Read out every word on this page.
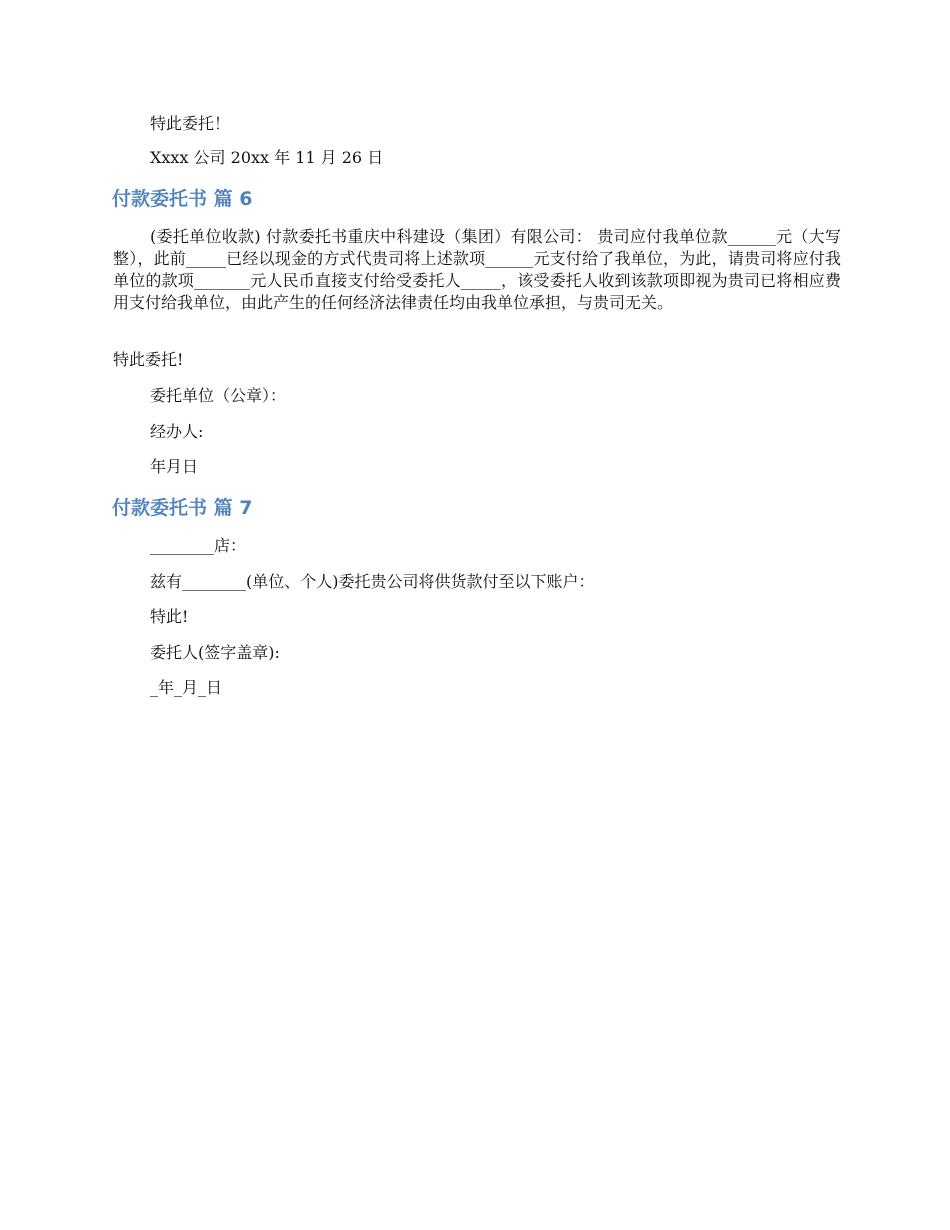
特此委托！
Xxxx 公司 20xx 年 11 月 26 日
付款委托书 篇 6
(委托单位收款) 付款委托书重庆中科建设（集团）有限公司： 贵司应付我单位款______元（大写整），此前_____已经以现金的方式代贵司将上述款项______元支付给了我单位，为此，请贵司将应付我单位的款项_______元人民币直接支付给受委托人_____，该受委托人收到该款项即视为贵司已将相应费用支付给我单位，由此产生的任何经济法律责任均由我单位承担，与贵司无关。
特此委托!
委托单位（公章）：
经办人:
年月日
付款委托书 篇 7
________店：
兹有________(单位、个人)委托贵公司将供货款付至以下账户：
特此!
委托人(签字盖章):
_年_月_日
